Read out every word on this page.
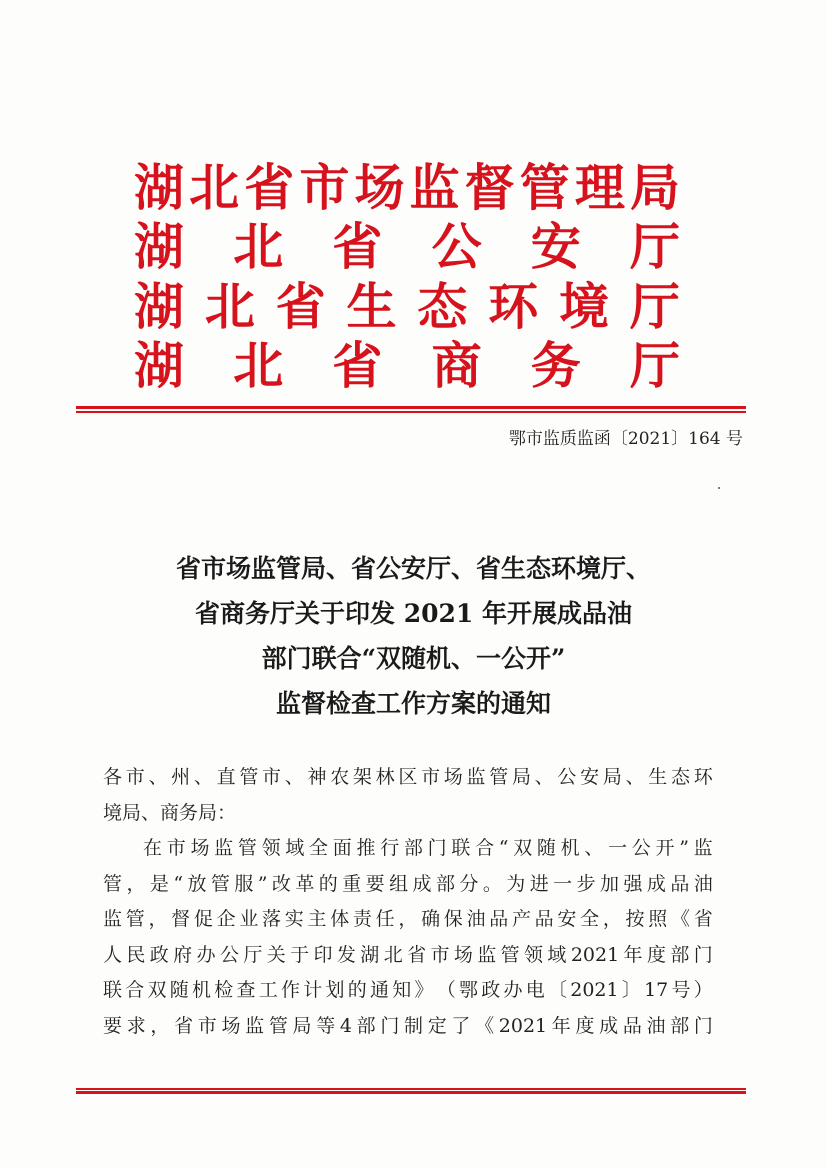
湖 北 省 市 场 监 督 管 理 局
湖 北 省 公 安 厅
湖 北 省 生 态 环 境 厅
湖 北 省 商 务 厅
鄂市监质监函〔2021〕164 号
省市场监管局、省公安厅、省生态环境厅、
省商务厅关于印发 2021 年开展成品油
部门联合“双随机、一公开”
监督检查工作方案的通知
各 市 、 州 、 直 管 市 、 神 农 架 林 区 市 场 监 管 局 、 公 安 局 、 生 态 环
境局、商务局：
在 市 场 监 管 领 域 全 面 推 行 部 门 联 合 “ 双 随 机 、 一 公 开 ” 监
管 ， 是 “ 放 管 服 ” 改 革 的 重 要 组 成 部 分 。 为 进 一 步 加 强 成 品 油
监 管 ， 督 促 企 业 落 实 主 体 责 任 ， 确 保 油 品 产 品 安 全 ， 按 照 《 省
人 民 政 府 办 公 厅 关 于 印 发 湖 北 省 市 场 监 管 领 域 2021 年 度 部 门
联 合 双 随 机 检 查 工 作 计 划 的 通 知 》 （ 鄂 政 办 电 〔 2021 〕 17 号 ）
要 求 ， 省 市 场 监 管 局 等 4 部 门 制 定 了 《 2021 年 度 成 品 油 部 门
